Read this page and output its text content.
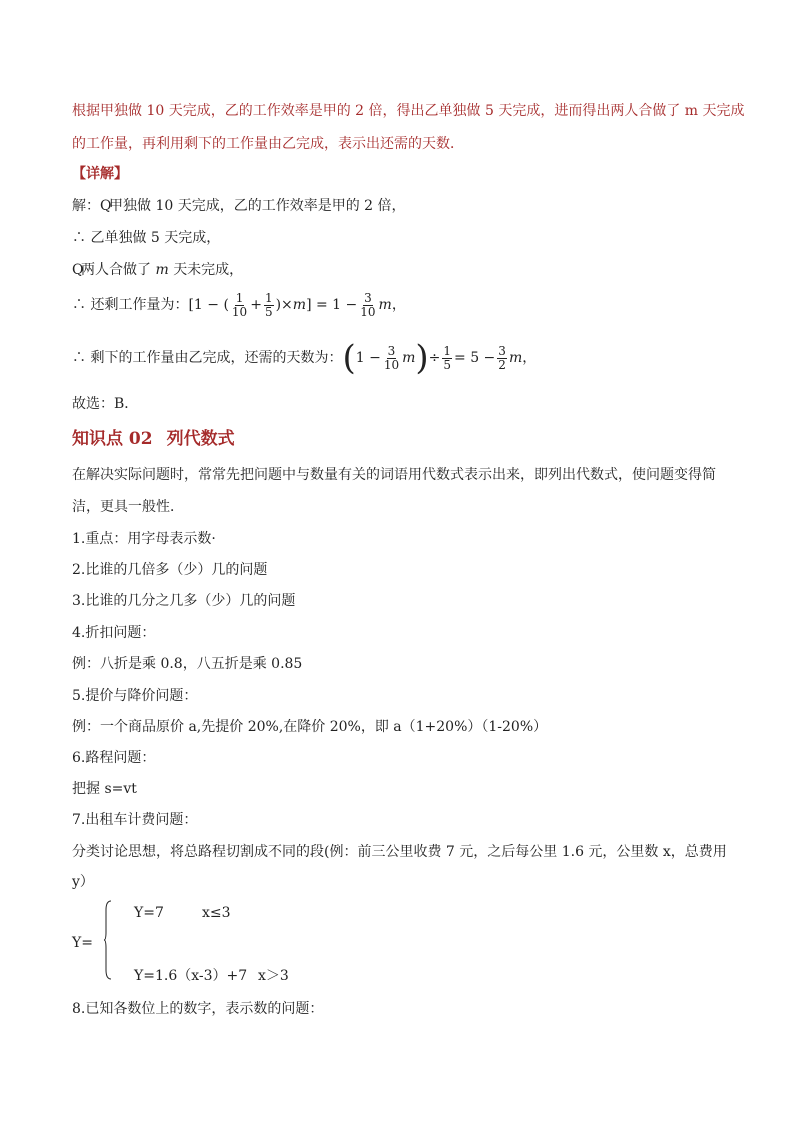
根据甲独做 10 天完成，乙的工作效率是甲的 2 倍，得出乙单独做 5 天完成，进而得出两人合做了 m 天完成
的工作量，再利用剩下的工作量由乙完成，表示出还需的天数．
【详解】
解：Q甲独做 10 天完成，乙的工作效率是甲的 2 倍，
∴ 乙单独做 5 天完成，
Q两人合做了 m 天未完成，
∴ 还剩工作量为：[1 − ( $\frac{1}{10} + \frac{1}{5} )\times m] = 1 - \frac{3}{10}$ m，
∴ 剩下的工作量由乙完成，还需的天数为：$(1 - \frac{3}{10} m)\div \frac{1}{5} = 5 - \frac{3}{2}$ m，
故选：B．
知识点 02 列代数式
在解决实际问题时，常常先把问题中与数量有关的词语用代数式表示出来，即列出代数式，使问题变得简
洁，更具一般性．
1.重点：用字母表示数·
2.比谁的几倍多（少）几的问题
3.比谁的几分之几多（少）几的问题
4.折扣问题：
例：八折是乘 0.8，八五折是乘 0.85
5.提价与降价问题：
例：一个商品原价 a,先提价 20%,在降价 20%，即 a（1+20%）（1-20%）
6.路程问题：
把握 s=vt
7.出租车计费问题：
分类讨论思想，将总路程切割成不同的段(例：前三公里收费 7 元，之后每公里 1.6 元，公里数 x，总费用
y）
Y=
Y=7	x≤3
Y=1.6（x-3）+7 x＞3
8.已知各数位上的数字，表示数的问题：
